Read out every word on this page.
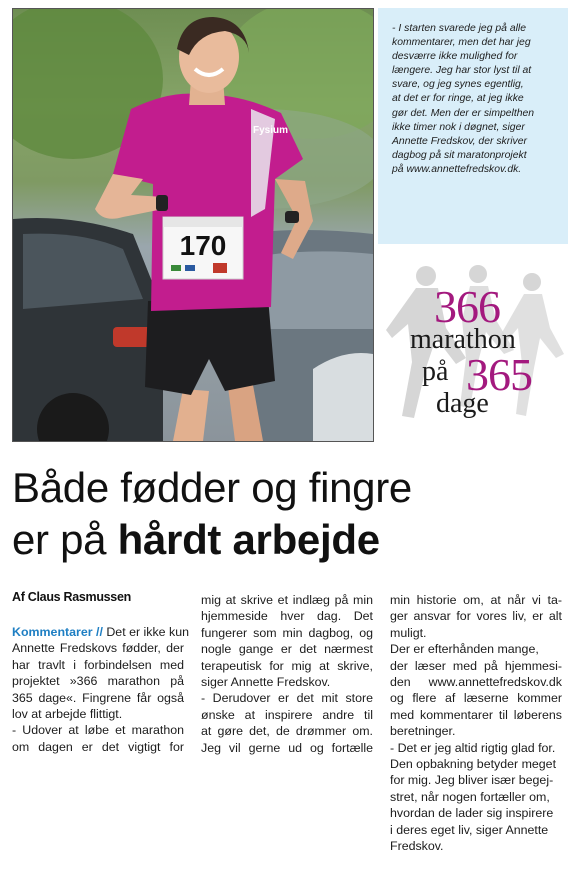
170
Fysium
- I starten svarede jeg på alle
kommentarer, men det har jeg
desværre ikke mulighed for
længere. Jeg har stor lyst til at
svare, og jeg synes egentlig,
at det er for ringe, at jeg ikke
gør det. Men der er simpelthen
ikke timer nok i døgnet, siger
Annette Fredskov, der skriver
dagbog på sit maratonprojekt
på www.annettefredskov.dk.
366
marathon
på 365
dage
Både fødder og fingre
er på hårdt arbejde
Af Claus Rasmussen
Kommentarer // Det er ikke kun
Annette Fredskovs fødder, der
har travlt i forbindelsen med
projektet »366 marathon på
365 dage«. Fingrene får også
lov at arbejde flittigt.
- Udover at løbe et marathon
om dagen er det vigtigt for
mig at skrive et indlæg på min
hjemmeside hver dag. Det
fungerer som min dagbog, og
nogle gange er det nærmest
terapeutisk for mig at skrive,
siger Annette Fredskov.
- Derudover er det mit store
ønske at inspirere andre til
at gøre det, de drømmer om.
Jeg vil gerne ud og fortælle
min historie om, at når vi ta-
ger ansvar for vores liv, er alt
muligt.
Der er efterhånden mange,
der læser med på hjemmesi-
den www.annettefredskov.dk
og flere af læserne kommer
med kommentarer til løberens
beretninger.
- Det er jeg altid rigtig glad for.
Den opbakning betyder meget
for mig. Jeg bliver især begej-
stret, når nogen fortæller om,
hvordan de lader sig inspirere
i deres eget liv, siger Annette
Fredskov.
